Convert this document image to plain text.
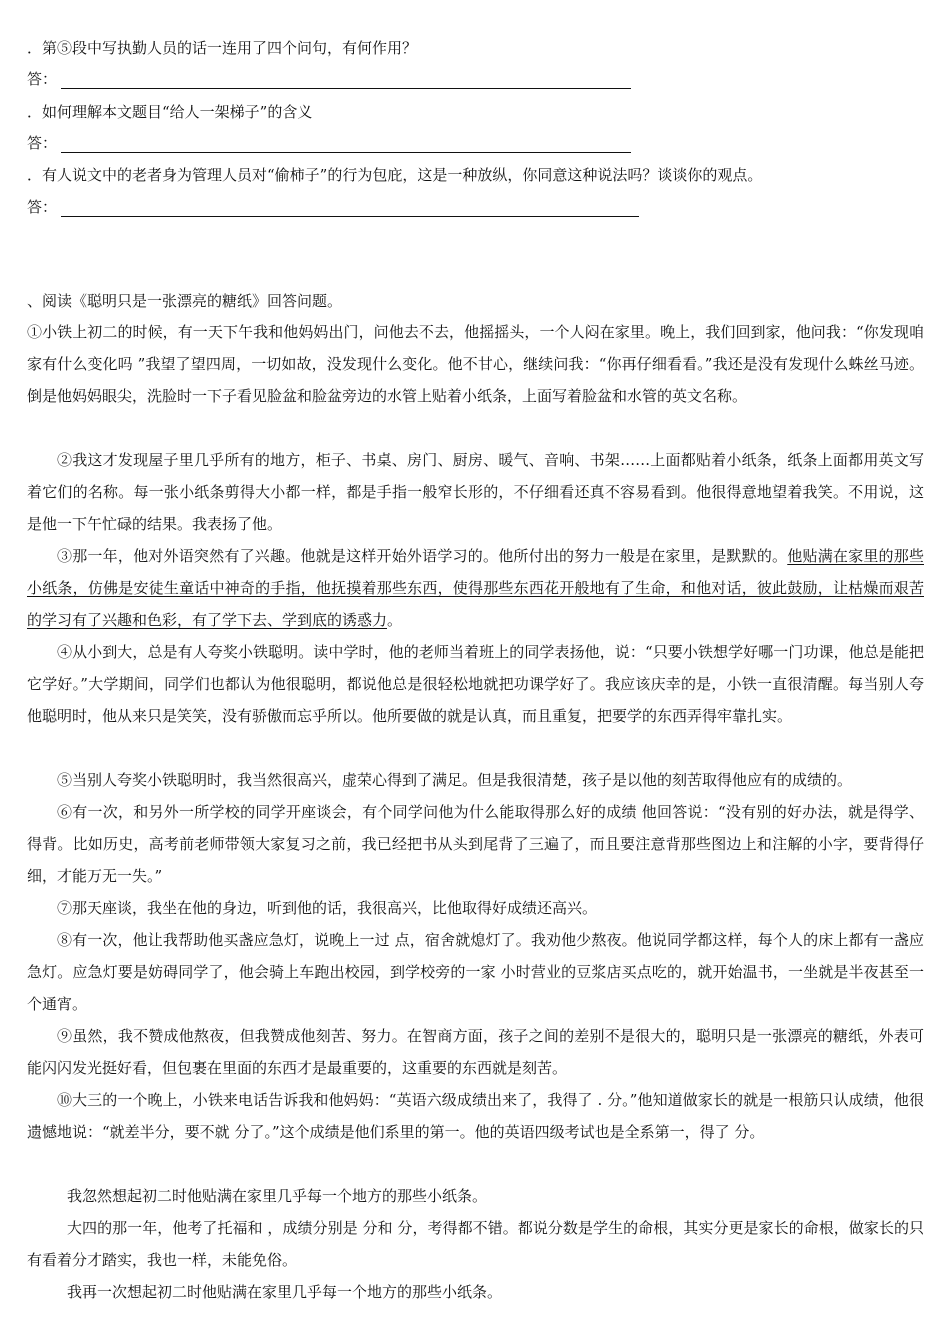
．第⑤段中写执勤人员的话一连用了四个问句，有何作用？
答：
．如何理解本文题目“给人一架梯子”的含义
答：
．有人说文中的老者身为管理人员对“偷柿子”的行为包庇，这是一种放纵，你同意这种说法吗？谈谈你的观点。
答：
、阅读《聪明只是一张漂亮的糖纸》回答问题。
①小铁上初二的时候，有一天下午我和他妈妈出门，问他去不去，他摇摇头，一个人闷在家里。晚上，我们回到家，他问我：“你发现咱家有什么变化吗 ”我望了望四周，一切如故，没发现什么变化。他不甘心，继续问我：“你再仔细看看。”我还是没有发现什么蛛丝马迹。倒是他妈妈眼尖，洗脸时一下子看见脸盆和脸盆旁边的水管上贴着小纸条，上面写着脸盆和水管的英文名称。
②我这才发现屋子里几乎所有的地方，柜子、书桌、房门、厨房、暖气、音响、书架……上面都贴着小纸条，纸条上面都用英文写着它们的名称。每一张小纸条剪得大小都一样，都是手指一般窄长形的，不仔细看还真不容易看到。他很得意地望着我笑。不用说，这是他一下午忙碌的结果。我表扬了他。
③那一年，他对外语突然有了兴趣。他就是这样开始外语学习的。他所付出的努力一般是在家里，是默默的。他贴满在家里的那些小纸条，仿佛是安徒生童话中神奇的手指，他抚摸着那些东西，使得那些东西花开般地有了生命，和他对话，彼此鼓励，让枯燥而艰苦的学习有了兴趣和色彩，有了学下去、学到底的诱惑力。
④从小到大，总是有人夸奖小铁聪明。读中学时，他的老师当着班上的同学表扬他，说：“只要小铁想学好哪一门功课，他总是能把它学好。”大学期间，同学们也都认为他很聪明，都说他总是很轻松地就把功课学好了。我应该庆幸的是，小铁一直很清醒。每当别人夸他聪明时，他从来只是笑笑，没有骄傲而忘乎所以。他所要做的就是认真，而且重复，把要学的东西弄得牢靠扎实。
⑤当别人夸奖小铁聪明时，我当然很高兴，虚荣心得到了满足。但是我很清楚，孩子是以他的刻苦取得他应有的成绩的。
⑥有一次，和另外一所学校的同学开座谈会，有个同学问他为什么能取得那么好的成绩 他回答说：“没有别的好办法，就是得学、得背。比如历史，高考前老师带领大家复习之前，我已经把书从头到尾背了三遍了，而且要注意背那些图边上和注解的小字，要背得仔细，才能万无一失。”
⑦那天座谈，我坐在他的身边，听到他的话，我很高兴，比他取得好成绩还高兴。
⑧有一次，他让我帮助他买盏应急灯，说晚上一过 点，宿舍就熄灯了。我劝他少熬夜。他说同学都这样，每个人的床上都有一盏应急灯。应急灯要是妨碍同学了，他会骑上车跑出校园，到学校旁的一家 小时营业的豆浆店买点吃的，就开始温书，一坐就是半夜甚至一个通宵。
⑨虽然，我不赞成他熬夜，但我赞成他刻苦、努力。在智商方面，孩子之间的差别不是很大的，聪明只是一张漂亮的糖纸，外表可能闪闪发光挺好看，但包裹在里面的东西才是最重要的，这重要的东西就是刻苦。
⑩大三的一个晚上，小铁来电话告诉我和他妈妈：“英语六级成绩出来了，我得了 . 分。”他知道做家长的就是一根筋只认成绩，他很遗憾地说：“就差半分，要不就 分了。”这个成绩是他们系里的第一。他的英语四级考试也是全系第一，得了 分。
我忽然想起初二时他贴满在家里几乎每一个地方的那些小纸条。
大四的那一年，他考了托福和 ，成绩分别是 分和 分，考得都不错。都说分数是学生的命根，其实分更是家长的命根，做家长的只有看着分才踏实，我也一样，未能免俗。
我再一次想起初二时他贴满在家里几乎每一个地方的那些小纸条。
